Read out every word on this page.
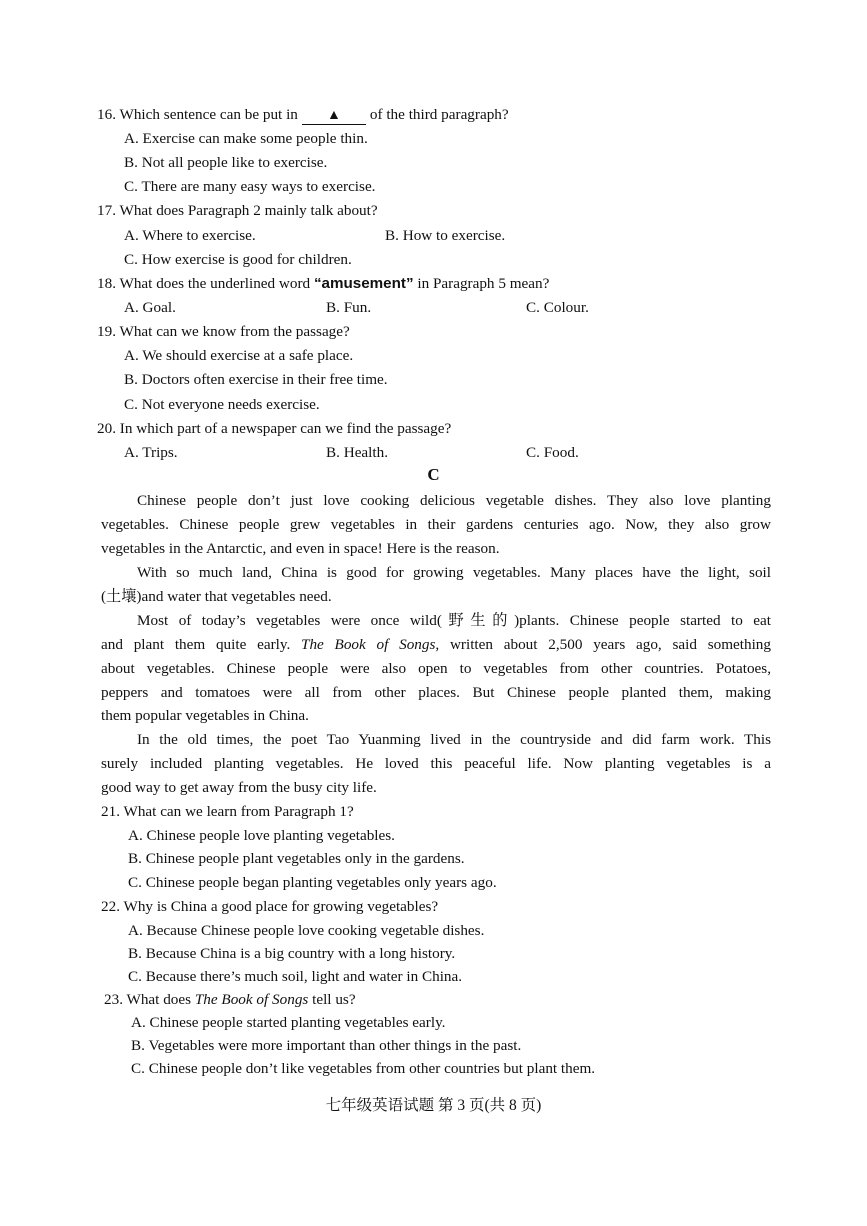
16. Which sentence can be put in ▲ of the third paragraph?
A. Exercise can make some people thin.
B. Not all people like to exercise.
C. There are many easy ways to exercise.
17. What does Paragraph 2 mainly talk about?
A. Where to exercise.	B. How to exercise.
C. How exercise is good for children.
18. What does the underlined word “amusement” in Paragraph 5 mean?
A. Goal.	B. Fun.	C. Colour.
19. What can we know from the passage?
A. We should exercise at a safe place.
B. Doctors often exercise in their free time.
C. Not everyone needs exercise.
20. In which part of a newspaper can we find the passage?
A. Trips.	B. Health.	C. Food.
C
Chinese people don’t just love cooking delicious vegetable dishes. They also love planting
vegetables. Chinese people grew vegetables in their gardens centuries ago. Now, they also grow
vegetables in the Antarctic, and even in space! Here is the reason.
With so much land, China is good for growing vegetables. Many places have the light, soil
(土壤)and water that vegetables need.
Most of today’s vegetables were once wild(野生的)plants. Chinese people started to eat
and plant them quite early. The Book of Songs, written about 2,500 years ago, said something
about vegetables. Chinese people were also open to vegetables from other countries. Potatoes,
peppers and tomatoes were all from other places. But Chinese people planted them, making
them popular vegetables in China.
In the old times, the poet Tao Yuanming lived in the countryside and did farm work. This
surely included planting vegetables. He loved this peaceful life. Now planting vegetables is a
good way to get away from the busy city life.
21. What can we learn from Paragraph 1?
A. Chinese people love planting vegetables.
B. Chinese people plant vegetables only in the gardens.
C. Chinese people began planting vegetables only years ago.
22. Why is China a good place for growing vegetables?
A. Because Chinese people love cooking vegetable dishes.
B. Because China is a big country with a long history.
C. Because there’s much soil, light and water in China.
23. What does The Book of Songs tell us?
A. Chinese people started planting vegetables early.
B. Vegetables were more important than other things in the past.
C. Chinese people don’t like vegetables from other countries but plant them.
七年级英语试题 第 3 页(共 8 页)
